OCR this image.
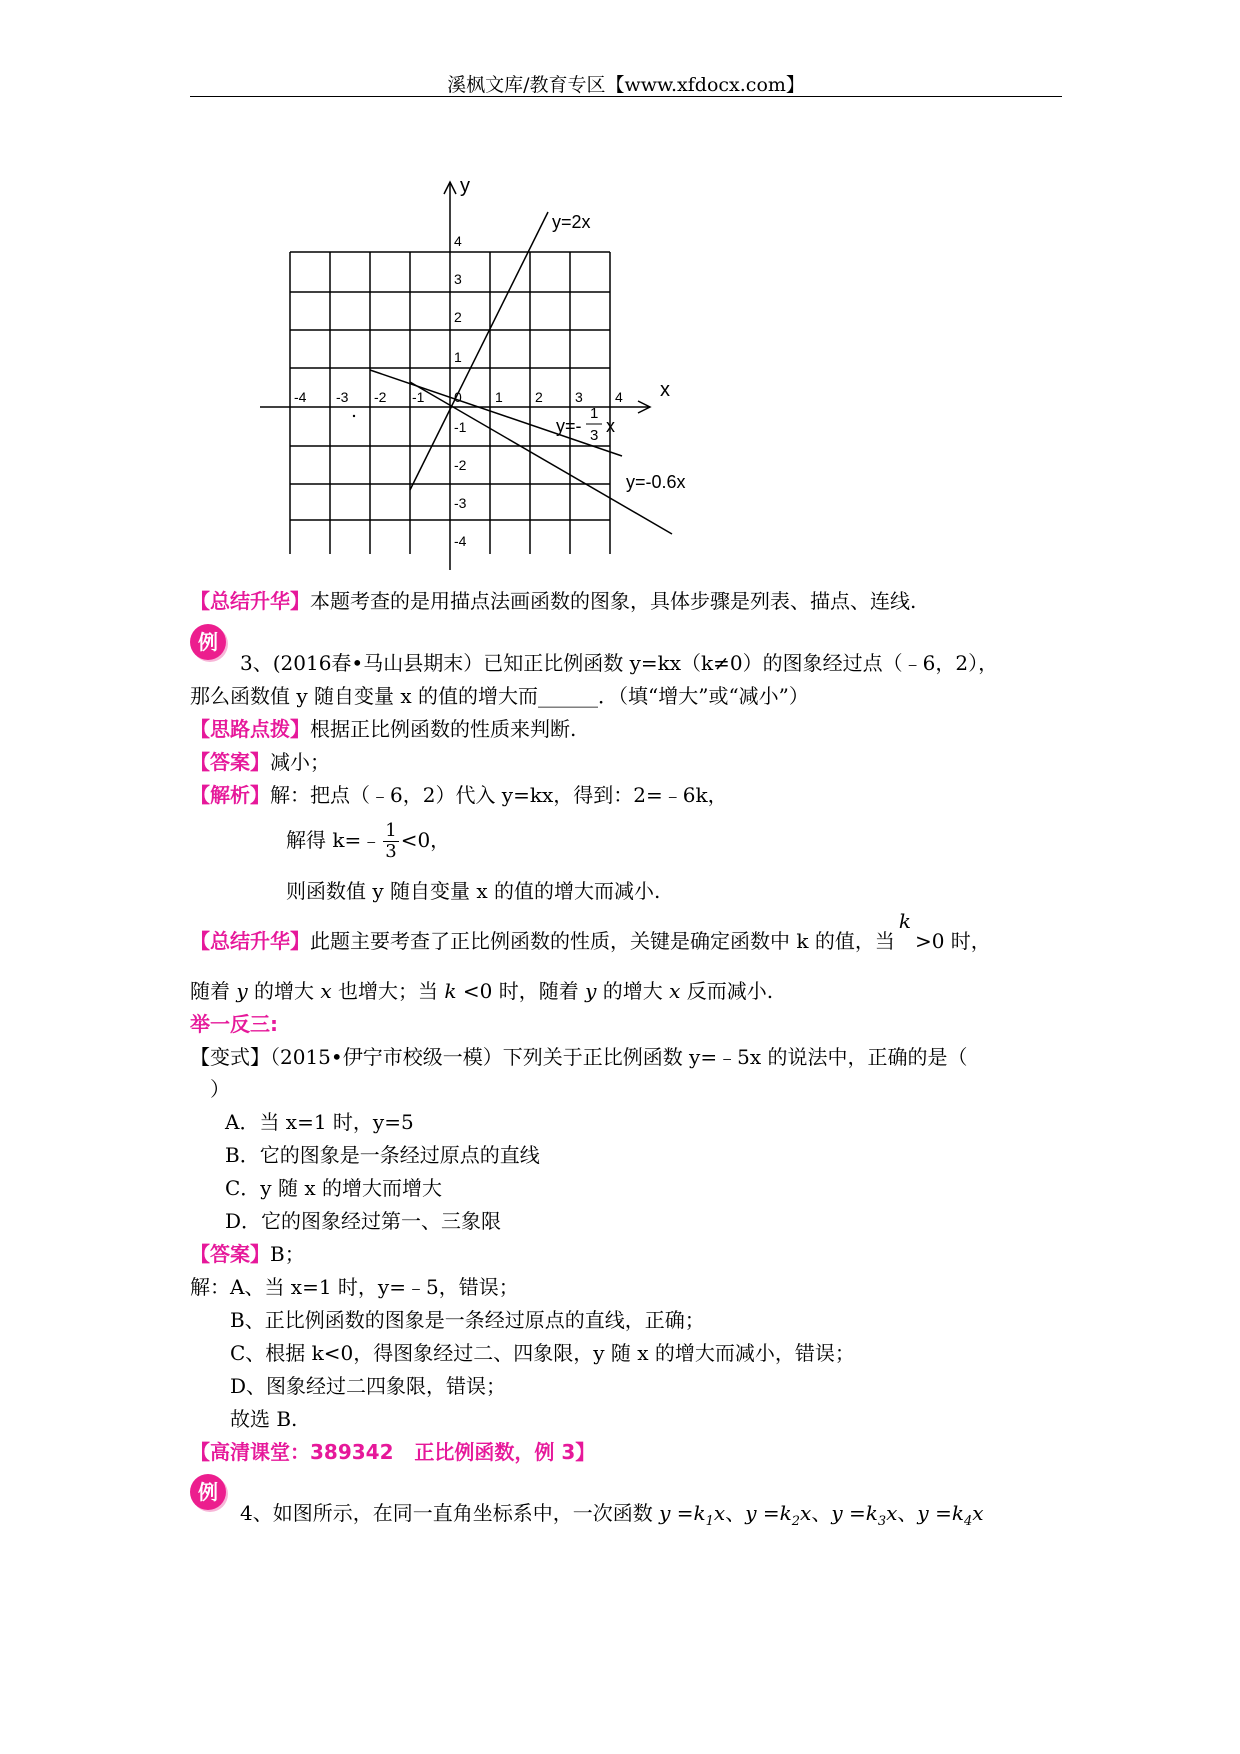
溪枫文库/教育专区【www.xfdocx.com】
x
y
-4 -3 -2 -1 0 1 2 3 4
1
2
3
4
-1
-2
-3
-4
y=2x
y=-0.6x
y=-
1
3 x
【总结升华】本题考查的是用描点法画函数的图象，具体步骤是列表、描点、连线.
例
3、(2016春•马山县期末）已知正比例函数 y=kx（k≠0）的图象经过点（﹣6，2），
那么函数值 y 随自变量 x 的值的增大而______．（填“增大”或“减小”）
【思路点拨】根据正比例函数的性质来判断.
【答案】减小；
【解析】解：把点（﹣6，2）代入 y=kx，得到：2=﹣6k，
解得 k=﹣ $\frac{1}{3} <0$，
则函数值 y 随自变量 x 的值的增大而减小.
【总结升华】此题主要考查了正比例函数的性质，关键是确定函数中 k 的值，当k>0 时，
随着 y 的增大 x 也增大；当 k <0 时，随着 y 的增大 x 反而减小.
举一反三:
【变式】（2015•伊宁市校级一模）下列关于正比例函数 y=﹣5x 的说法中，正确的是（
）
A．当 x=1 时，y=5
B．它的图象是一条经过原点的直线
C．y 随 x 的增大而增大
D．它的图象经过第一、三象限
【答案】B；
解：A、当 x=1 时，y=﹣5，错误；
B、正比例函数的图象是一条经过原点的直线，正确；
C、根据 k<0，得图象经过二、四象限，y 随 x 的增大而减小，错误；
D、图象经过二四象限，错误；
故选 B.
【高清课堂：389342   正比例函数，例 3】
例
4、如图所示，在同一直角坐标系中，一次函数 $y =k_1x$、$y =k_2x$、$y =k_3x$、$y =k_4x$
